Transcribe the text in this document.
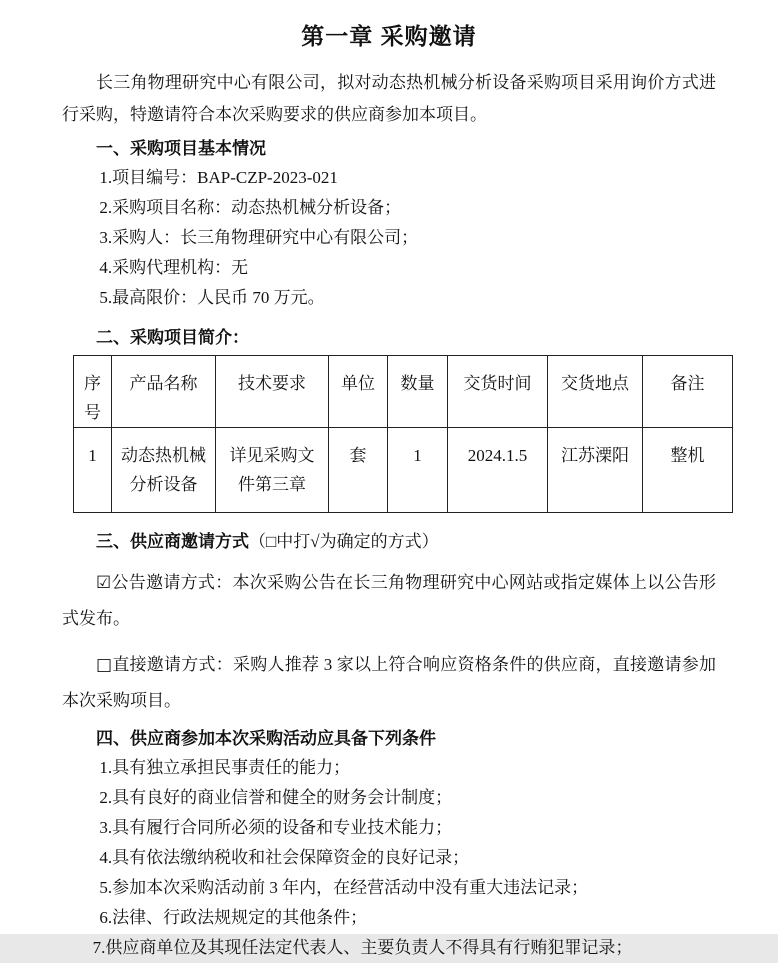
第一章 采购邀请

长三角物理研究中心有限公司，拟对动态热机械分析设备采购项目采用询价方式进行采购，特邀请符合本次采购要求的供应商参加本项目。

一、采购项目基本情况

1.项目编号：BAP-CZP-2023-021

2.采购项目名称：动态热机械分析设备；

3.采购人：长三角物理研究中心有限公司；

4.采购代理机构：无

5.最高限价：人民币 70 万元。

二、采购项目简介：
序号	产品名称	技术要求	单位	数量	交货时间	交货地点	备注
1	动态热机械分析设备	详见采购文件第三章	套	1	2024.1.5	江苏溧阳	整机
三、供应商邀请方式（□中打√为确定的方式）

☑公告邀请方式：本次采购公告在长三角物理研究中心网站或指定媒体上以公告形式发布。

□直接邀请方式：采购人推荐 3 家以上符合响应资格条件的供应商，直接邀请参加本次采购项目。

四、供应商参加本次采购活动应具备下列条件

1.具有独立承担民事责任的能力；

2.具有良好的商业信誉和健全的财务会计制度；

3.具有履行合同所必须的设备和专业技术能力；

4.具有依法缴纳税收和社会保障资金的良好记录；

5.参加本次采购活动前 3 年内，在经营活动中没有重大违法记录；

6.法律、行政法规规定的其他条件；

7.供应商单位及其现任法定代表人、主要负责人不得具有行贿犯罪记录；
